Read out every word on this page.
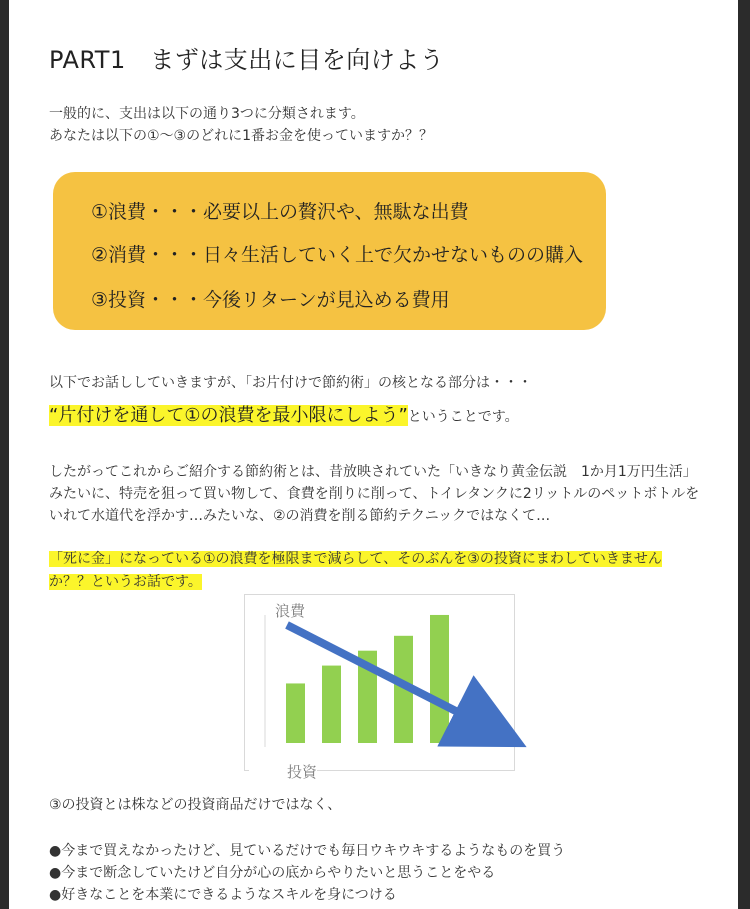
PART1　まずは支出に目を向けよう
一般的に、支出は以下の通り3つに分類されます。
あなたは以下の①～③のどれに1番お金を使っていますか？？
①浪費・・・必要以上の贅沢や、無駄な出費
②消費・・・日々生活していく上で欠かせないものの購入
③投資・・・今後リターンが見込める費用
以下でお話ししていきますが、「お片付けで節約術」の核となる部分は・・・
“片付けを通して①の浪費を最小限にしよう”ということです。
したがってこれからご紹介する節約術とは、昔放映されていた「いきなり黄金伝説　1か月1万円生活」
みたいに、特売を狙って買い物して、食費を削りに削って、トイレタンクに2リットルのペットボトルを
いれて水道代を浮かす…みたいな、②の消費を削る節約テクニックではなくて…
「死に金」になっている①の浪費を極限まで減らして、そのぶんを③の投資にまわしていきません
か？？というお話です。
浪費
投資
③の投資とは株などの投資商品だけではなく、
●今まで買えなかったけど、見ているだけでも毎日ウキウキするようなものを買う
●今まで断念していたけど自分が心の底からやりたいと思うことをやる
●好きなことを本業にできるようなスキルを身につける
